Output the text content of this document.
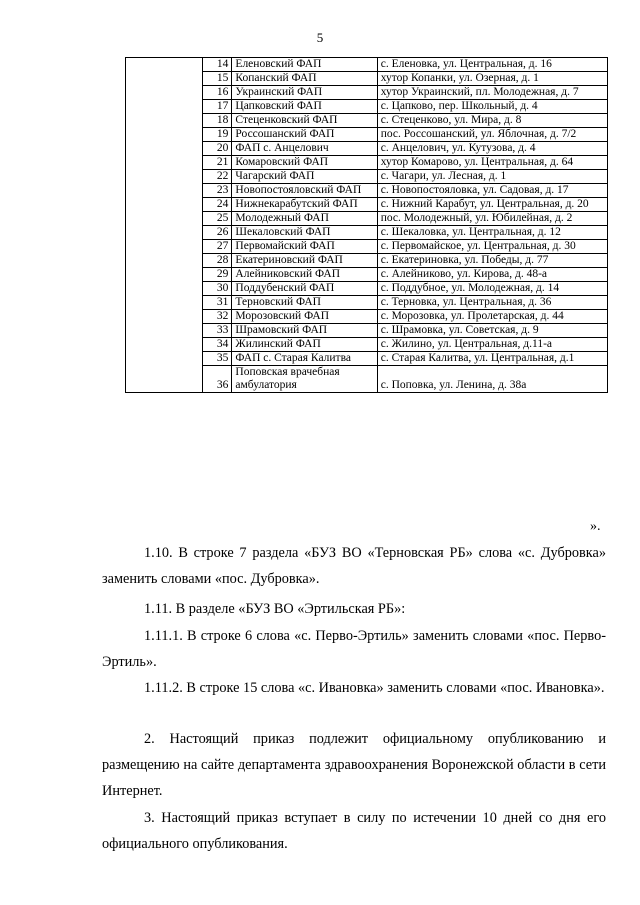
5
	14	Еленовский ФАП	с. Еленовка, ул. Центральная, д. 16
	15	Копанский ФАП	хутор Копанки, ул. Озерная, д. 1
	16	Украинский ФАП	хутор Украинский, пл. Молодежная, д. 7
	17	Цапковский ФАП	с. Цапково, пер. Школьный, д. 4
	18	Стеценковский ФАП	с. Стеценково, ул. Мира, д. 8
	19	Россошанский ФАП	пос. Россошанский, ул. Яблочная, д. 7/2
	20	ФАП с. Анцелович	с. Анцелович, ул. Кутузова, д. 4
	21	Комаровский ФАП	хутор Комарово, ул. Центральная, д. 64
	22	Чагарский ФАП	с. Чагари, ул. Лесная, д. 1
	23	Новопостояловский ФАП	с. Новопостояловка, ул. Садовая, д. 17
	24	Нижнекарабутский ФАП	с. Нижний Карабут, ул. Центральная, д. 20
	25	Молодежный ФАП	пос. Молодежный, ул. Юбилейная, д. 2
	26	Шекаловский ФАП	с. Шекаловка, ул. Центральная, д. 12
	27	Первомайский ФАП	с. Первомайское, ул. Центральная, д. 30
	28	Екатериновский ФАП	с. Екатериновка, ул. Победы, д. 77
	29	Алейниковский ФАП	с. Алейниково, ул. Кирова, д. 48-а
	30	Поддубенский ФАП	с. Поддубное, ул. Молодежная, д. 14
	31	Терновский ФАП	с. Терновка, ул. Центральная, д. 36
	32	Морозовский ФАП	с. Морозовка, ул. Пролетарская, д. 44
	33	Шрамовский ФАП	с. Шрамовка, ул. Советская, д. 9
	34	Жилинский ФАП	с. Жилино, ул. Центральная, д.11-а
	35	ФАП с. Старая Калитва	с. Старая Калитва, ул. Центральная, д.1
	36	Поповская врачебная амбулатория	с. Поповка, ул. Ленина, д. 38а
».
1.10. В строке 7 раздела «БУЗ ВО «Терновская РБ» слова «с. Дубровка» заменить словами «пос. Дубровка».
1.11. В разделе «БУЗ ВО «Эртильская РБ»:
1.11.1. В строке 6 слова «с. Перво-Эртиль» заменить словами «пос. Перво-Эртиль».
1.11.2. В строке 15 слова «с. Ивановка» заменить словами «пос. Ивановка».
2. Настоящий приказ подлежит официальному опубликованию и размещению на сайте департамента здравоохранения Воронежской области в сети Интернет.
3. Настоящий приказ вступает в силу по истечении 10 дней со дня его официального опубликования.
